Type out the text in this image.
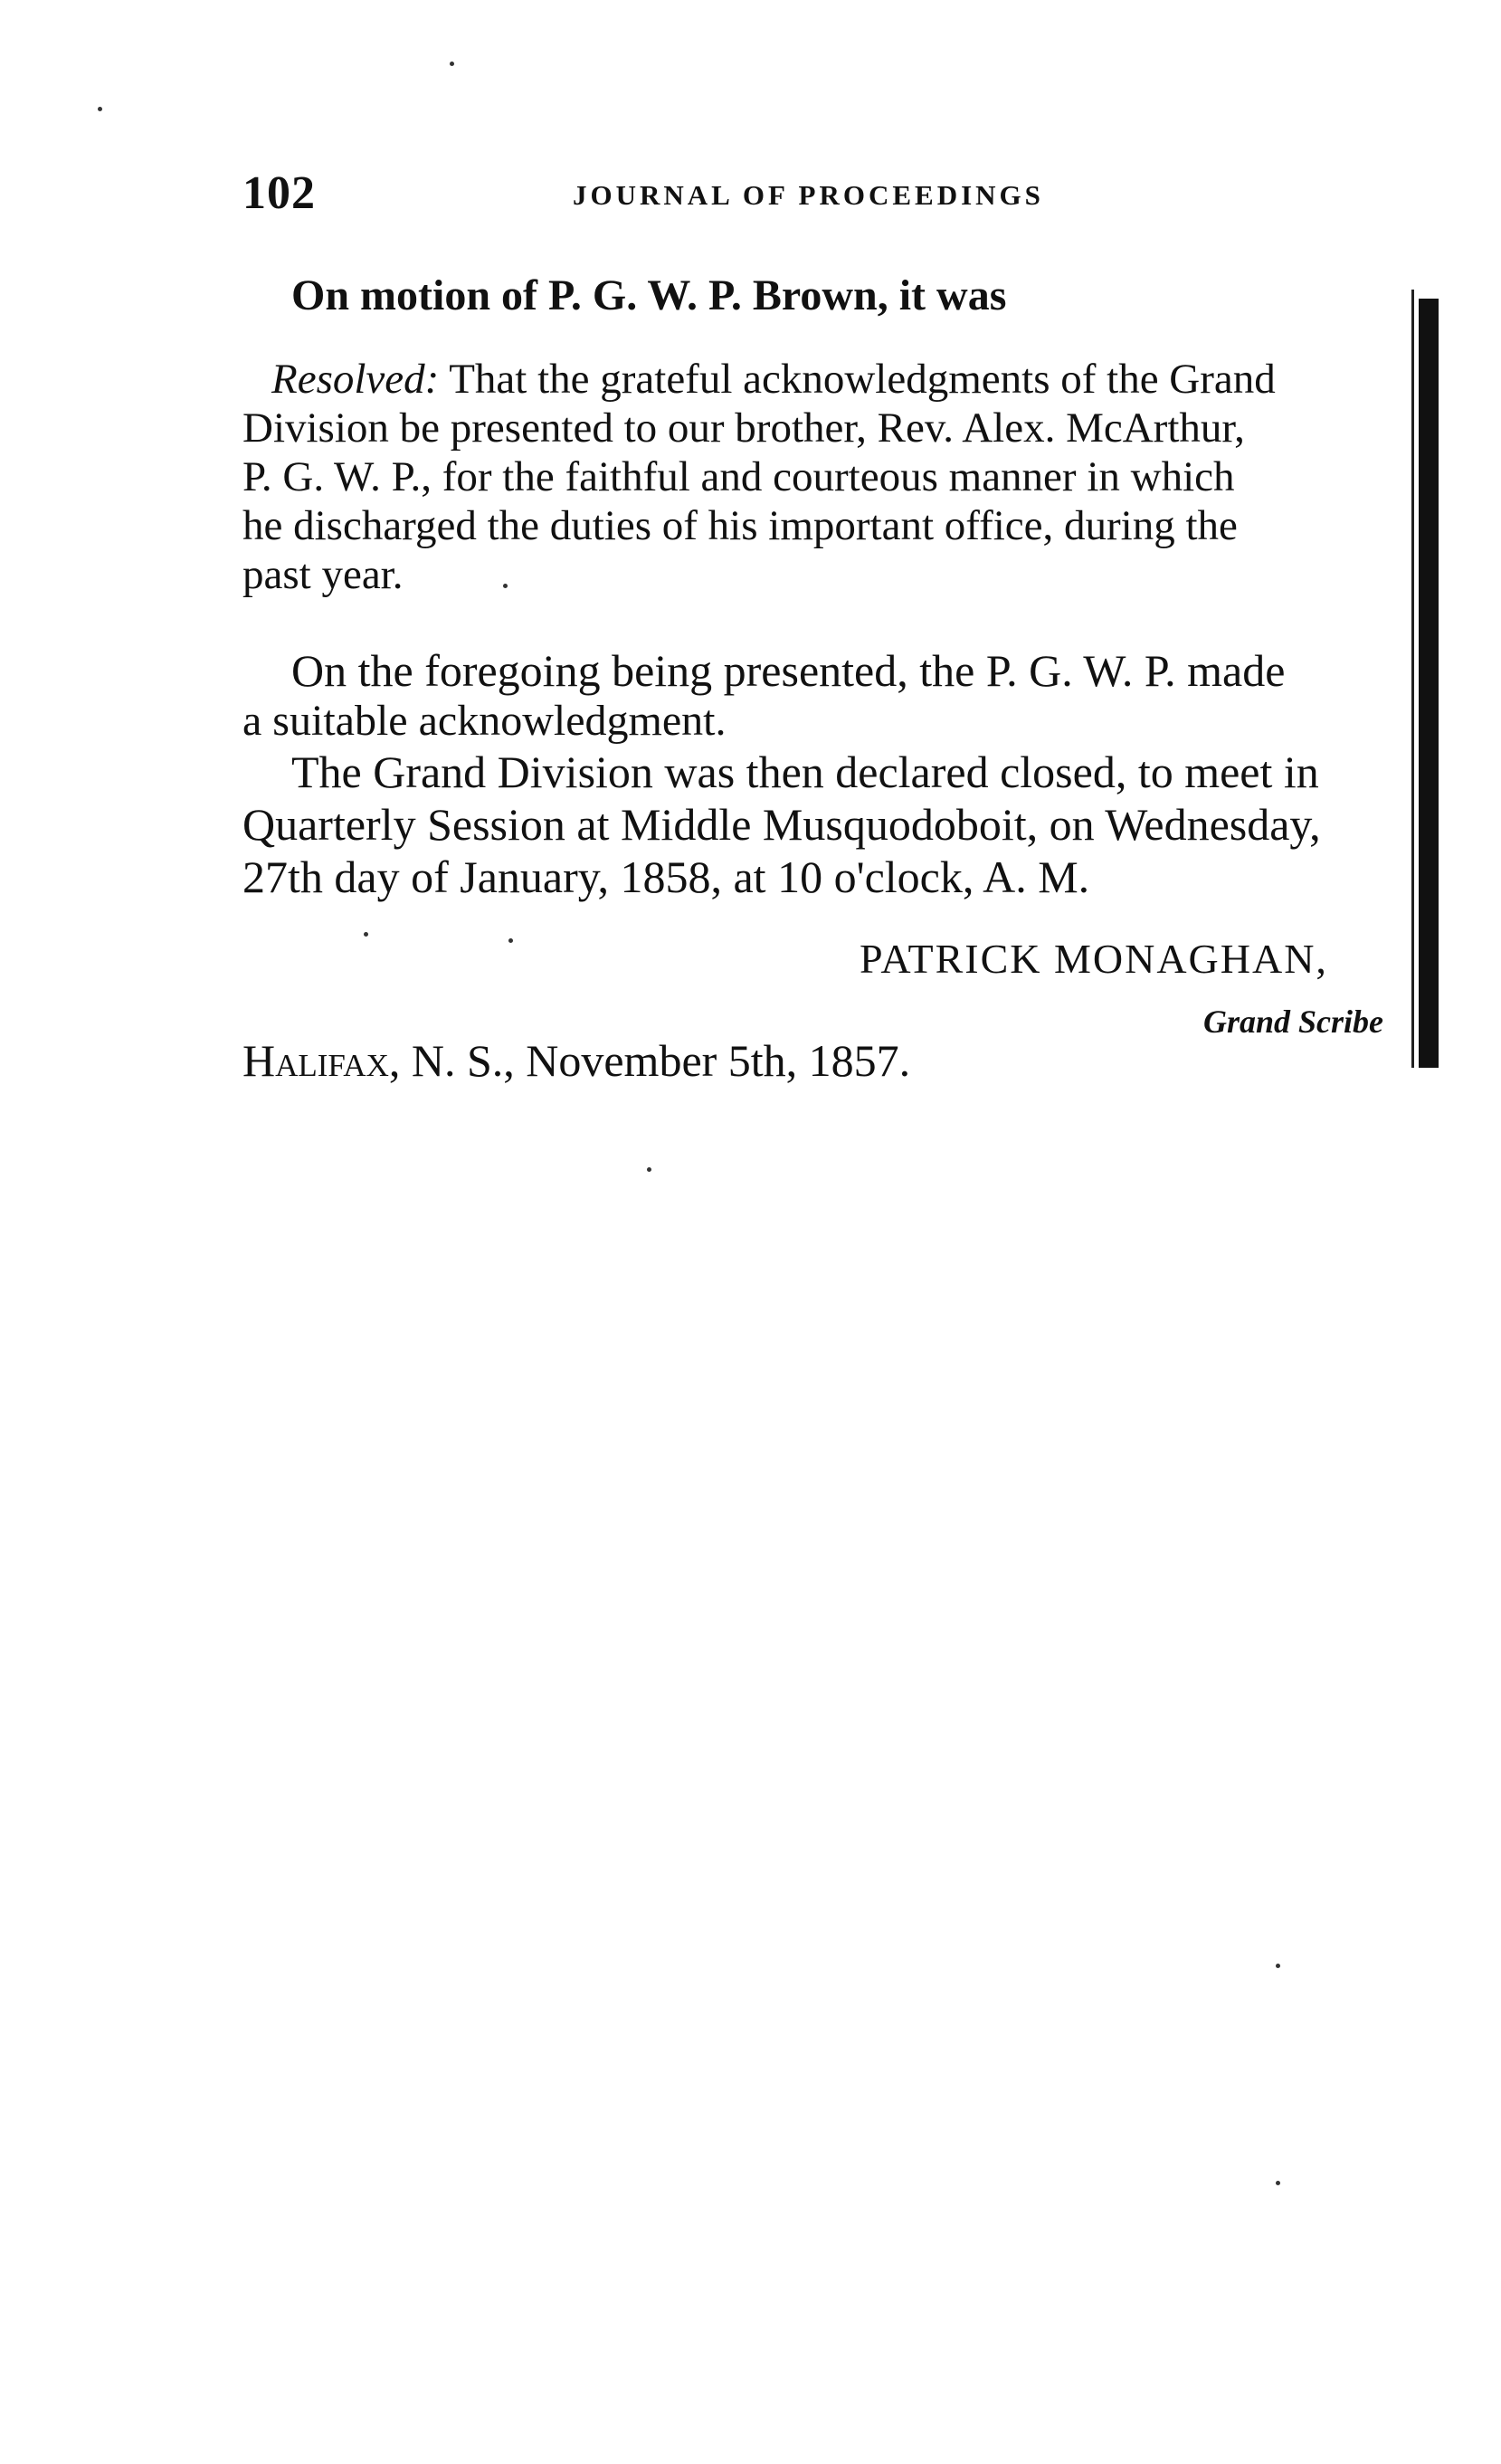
102	JOURNAL OF PROCEEDINGS
On motion of P. G. W. P. Brown, it was
Resolved: That the grateful acknowledgments of the Grand
Division be presented to our brother, Rev. Alex. McArthur,
P. G. W. P., for the faithful and courteous manner in which
he discharged the duties of his important office, during the
past year.
On the foregoing being presented, the P. G. W. P. made
a suitable acknowledgment.
The Grand Division was then declared closed, to meet in
Quarterly Session at Middle Musquodoboit, on Wednesday,
27th day of January, 1858, at 10 o'clock, A. M.
PATRICK MONAGHAN,
Grand Scribe
Halifax, N. S., November 5th, 1857.
